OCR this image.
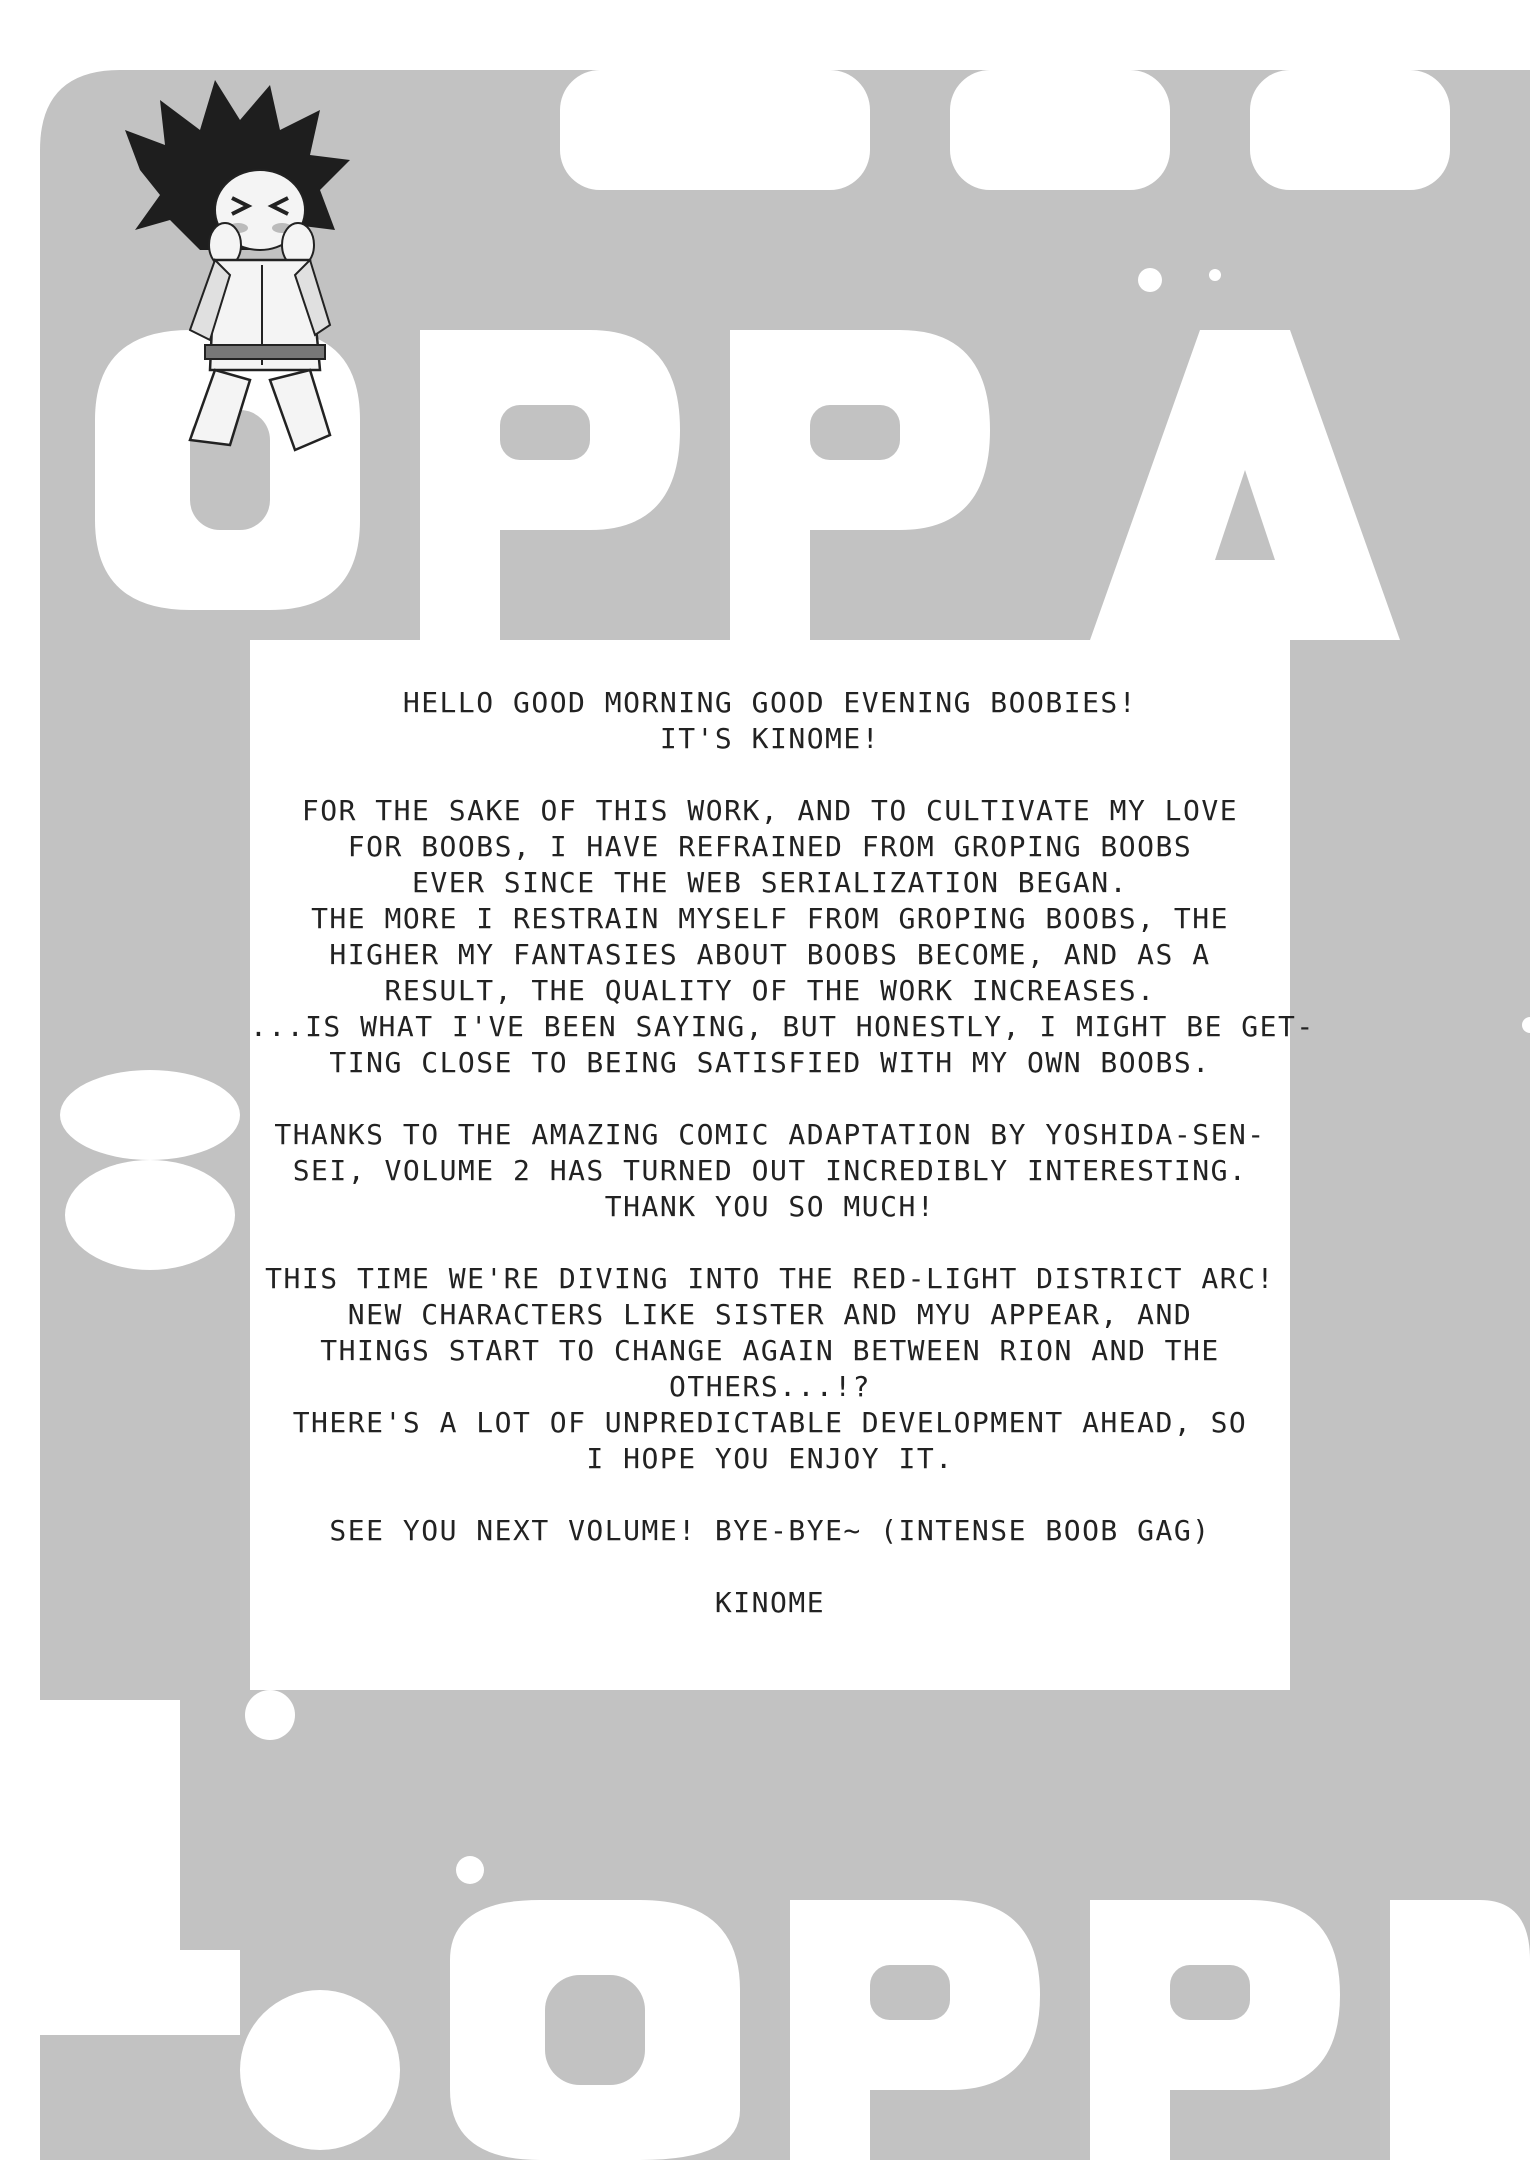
HELLO GOOD MORNING GOOD EVENING BOOBIES!
IT'S KINOME!

FOR THE SAKE OF THIS WORK, AND TO CULTIVATE MY LOVE
FOR BOOBS, I HAVE REFRAINED FROM GROPING BOOBS
EVER SINCE THE WEB SERIALIZATION BEGAN.
THE MORE I RESTRAIN MYSELF FROM GROPING BOOBS, THE
HIGHER MY FANTASIES ABOUT BOOBS BECOME, AND AS A
RESULT, THE QUALITY OF THE WORK INCREASES.
...IS WHAT I'VE BEEN SAYING, BUT HONESTLY, I MIGHT BE GET-
TING CLOSE TO BEING SATISFIED WITH MY OWN BOOBS.

THANKS TO THE AMAZING COMIC ADAPTATION BY YOSHIDA-SEN-
SEI, VOLUME 2 HAS TURNED OUT INCREDIBLY INTERESTING.
THANK YOU SO MUCH!

THIS TIME WE'RE DIVING INTO THE RED-LIGHT DISTRICT ARC!
NEW CHARACTERS LIKE SISTER AND MYU APPEAR, AND
THINGS START TO CHANGE AGAIN BETWEEN RION AND THE
OTHERS...!?
THERE'S A LOT OF UNPREDICTABLE DEVELOPMENT AHEAD, SO
I HOPE YOU ENJOY IT.

SEE YOU NEXT VOLUME! BYE-BYE~ (INTENSE BOOB GAG)

KINOME
